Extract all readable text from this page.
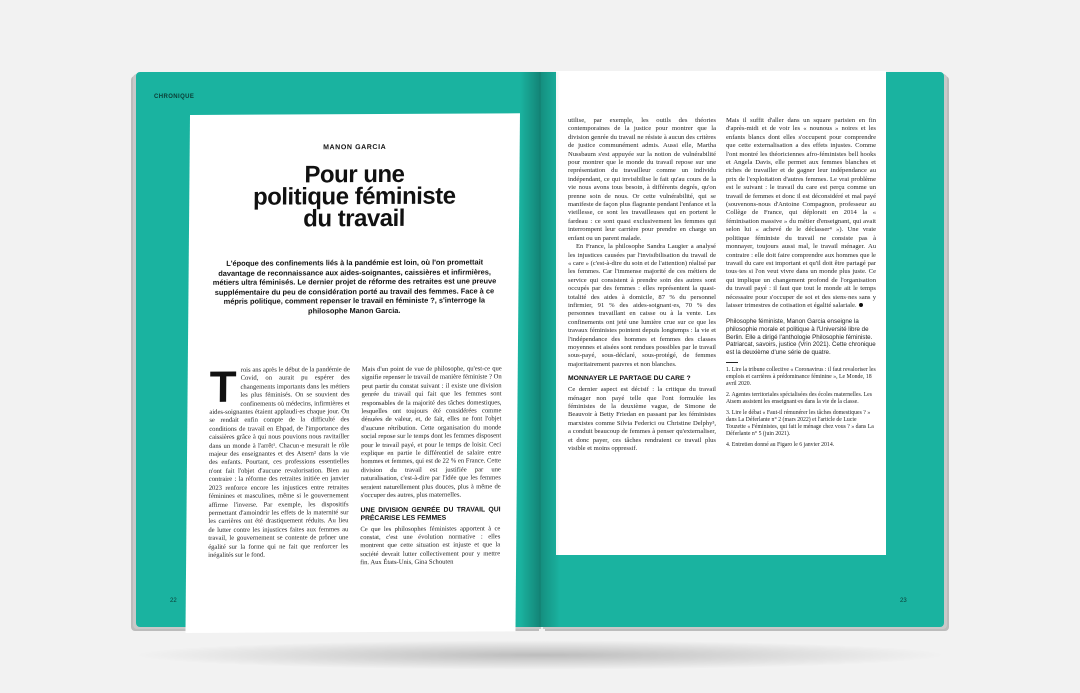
CHRONIQUE
22	23
MANON GARCIA
Pour une
politique féministe
du travail
L'époque des confinements liés à la pandémie est loin, où l'on promettait davantage de reconnaissance aux aides-soignantes, caissières et infirmières, métiers ultra féminisés. Le dernier projet de réforme des retraites est une preuve supplémentaire du peu de considération porté au travail des femmes. Face à ce mépris politique, comment repenser le travail en féministe ?, s'interroge la philosophe Manon Garcia.
T rois ans après le début de la pandémie de Covid, on aurait pu espérer des changements importants dans les métiers les plus féminisés. On se souvient des confinements où médecins, infirmières et aides-soignantes étaient applaudi·es chaque jour. On se rendait enfin compte de la difficulté des conditions de travail en Ehpad, de l'importance des caissières grâce à qui nous pouvions nous ravitailler dans un monde à l'arrêt¹. Chacun·e mesurait le rôle majeur des enseignantes et des Atsem² dans la vie des enfants. Pourtant, ces professions essentielles n'ont fait l'objet d'aucune revalorisation. Bien au contraire : la réforme des retraites initiée en janvier 2023 renforce encore les injustices entre retraites féminines et masculines, même si le gouvernement affirme l'inverse. Par exemple, les dispositifs permettant d'amoindrir les effets de la maternité sur les carrières ont été drastiquement réduits. Au lieu de lutter contre les injustices faites aux femmes au travail, le gouvernement se contente de prôner une égalité sur la forme qui ne fait que renforcer les inégalités sur le fond.

Mais d'un point de vue de philosophe, qu'est-ce que signifie repenser le travail de manière féministe ? On peut partir du constat suivant : il existe une division genrée du travail qui fait que les femmes sont responsables de la majorité des tâches domestiques, lesquelles ont toujours été considérées comme dénuées de valeur, et, de fait, elles ne font l'objet d'aucune rétribution. Cette organisation du monde social repose sur le temps dont les femmes disposent pour le travail payé, et pour le temps de loisir. Ceci explique en partie le différentiel de salaire entre hommes et femmes, qui est de 22 % en France. Cette division du travail est justifiée par une naturalisation, c'est-à-dire par l'idée que les femmes seraient naturellement plus douces, plus à même de s'occuper des autres, plus maternelles.

UNE DIVISION GENRÉE DU TRAVAIL QUI PRÉCARISE LES FEMMES

Ce que les philosophes féministes apportent à ce constat, c'est une évolution normative : elles montrent que cette situation est injuste et que la société devrait lutter collectivement pour y mettre fin. Aux États-Unis, Gina Schouten

utilise, par exemple, les outils des théories contemporaines de la justice pour montrer que la division genrée du travail ne résiste à aucun des critères de justice communément admis. Aussi elle, Martha Nussbaum s'est appuyée sur la notion de vulnérabilité pour montrer que le monde du travail repose sur une représentation du travailleur comme un individu indépendant, ce qui invisibilise le fait qu'au cours de la vie nous avons tous besoin, à différents degrés, qu'on prenne soin de nous. Or cette vulnérabilité, qui se manifeste de façon plus flagrante pendant l'enfance et la vieillesse, ce sont les travailleuses qui en portent le fardeau : ce sont quasi exclusivement les femmes qui interrompent leur carrière pour prendre en charge un enfant ou un parent malade.

En France, la philosophe Sandra Laugier a analysé les injustices causées par l'invisibilisation du travail de « care » (c'est-à-dire du soin et de l'attention) réalisé par les femmes. Car l'immense majorité de ces métiers de service qui consistent à prendre soin des autres sont occupés par des femmes : elles représentent la quasi-totalité des aides à domicile, 87 % du personnel infirmier, 91 % des aides-soignant·es, 70 % des personnes travaillant en caisse ou à la vente. Les confinements ont jeté une lumière crue sur ce que les travaux féministes pointent depuis longtemps : la vie et l'indépendance des hommes et femmes des classes moyennes et aisées sont rendues possibles par le travail sous-payé, sous-déclaré, sous-protégé, de femmes majoritairement pauvres et non blanches.

MONNAYER LE PARTAGE DU CARE ?

Ce dernier aspect est décisif : la critique du travail ménager non payé telle que l'ont formulée les féministes de la deuxième vague, de Simone de Beauvoir à Betty Friedan en passant par les féministes marxistes comme Silvia Federici ou Christine Delphy³, a conduit beaucoup de femmes à penser qu'externaliser, et donc payer, ces tâches rendraient ce travail plus visible et moins oppressif.

Mais il suffit d'aller dans un square parisien en fin d'après-midi et de voir les « nounous » noires et les enfants blancs dont elles s'occupent pour comprendre que cette externalisation a des effets injustes. Comme l'ont montré les théoriciennes afro-féministes bell hooks et Angela Davis, elle permet aux femmes blanches et riches de travailler et de gagner leur indépendance au prix de l'exploitation d'autres femmes. Le vrai problème est le suivant : le travail du care est perçu comme un travail de femmes et donc il est déconsidéré et mal payé (souvenons-nous d'Antoine Compagnon, professeur au Collège de France, qui déplorait en 2014 la « féminisation massive » du métier d'enseignant, qui avait selon lui « achevé de le déclasser⁴ »). Une vraie politique féministe du travail ne consiste pas à monnayer, toujours aussi mal, le travail ménager. Au contraire : elle doit faire comprendre aux hommes que le travail du care est important et qu'il doit être partagé par tous·tes si l'on veut vivre dans un monde plus juste. Ce qui implique un changement profond de l'organisation du travail payé : il faut que tout le monde ait le temps nécessaire pour s'occuper de soi et des siens·nes sans y laisser trimestres de cotisation et égalité salariale.

Philosophe féministe, Manon Garcia enseigne la philosophie morale et politique à l'Université libre de Berlin. Elle a dirigé l'anthologie Philosophie féministe. Patriarcat, savoirs, justice (Vrin 2021). Cette chronique est la deuxième d'une série de quatre.
1. Lire la tribune collective « Coronavirus : il faut revaloriser les emplois et carrières à prédominance féminine », Le Monde, 18 avril 2020.
2. Agentes territoriales spécialisées des écoles maternelles. Les Atsem assistent les enseignant·es dans la vie de la classe.
3. Lire le débat « Faut-il rémunérer les tâches domestiques ? » dans La Déferlante n° 2 (mars 2022) et l'article de Lucie Touzette « Féministes, qui fait le ménage chez vous ? » dans La Déferlante n° 5 (juin 2021).
4. Entretien donné au Figaro le 6 janvier 2014.
